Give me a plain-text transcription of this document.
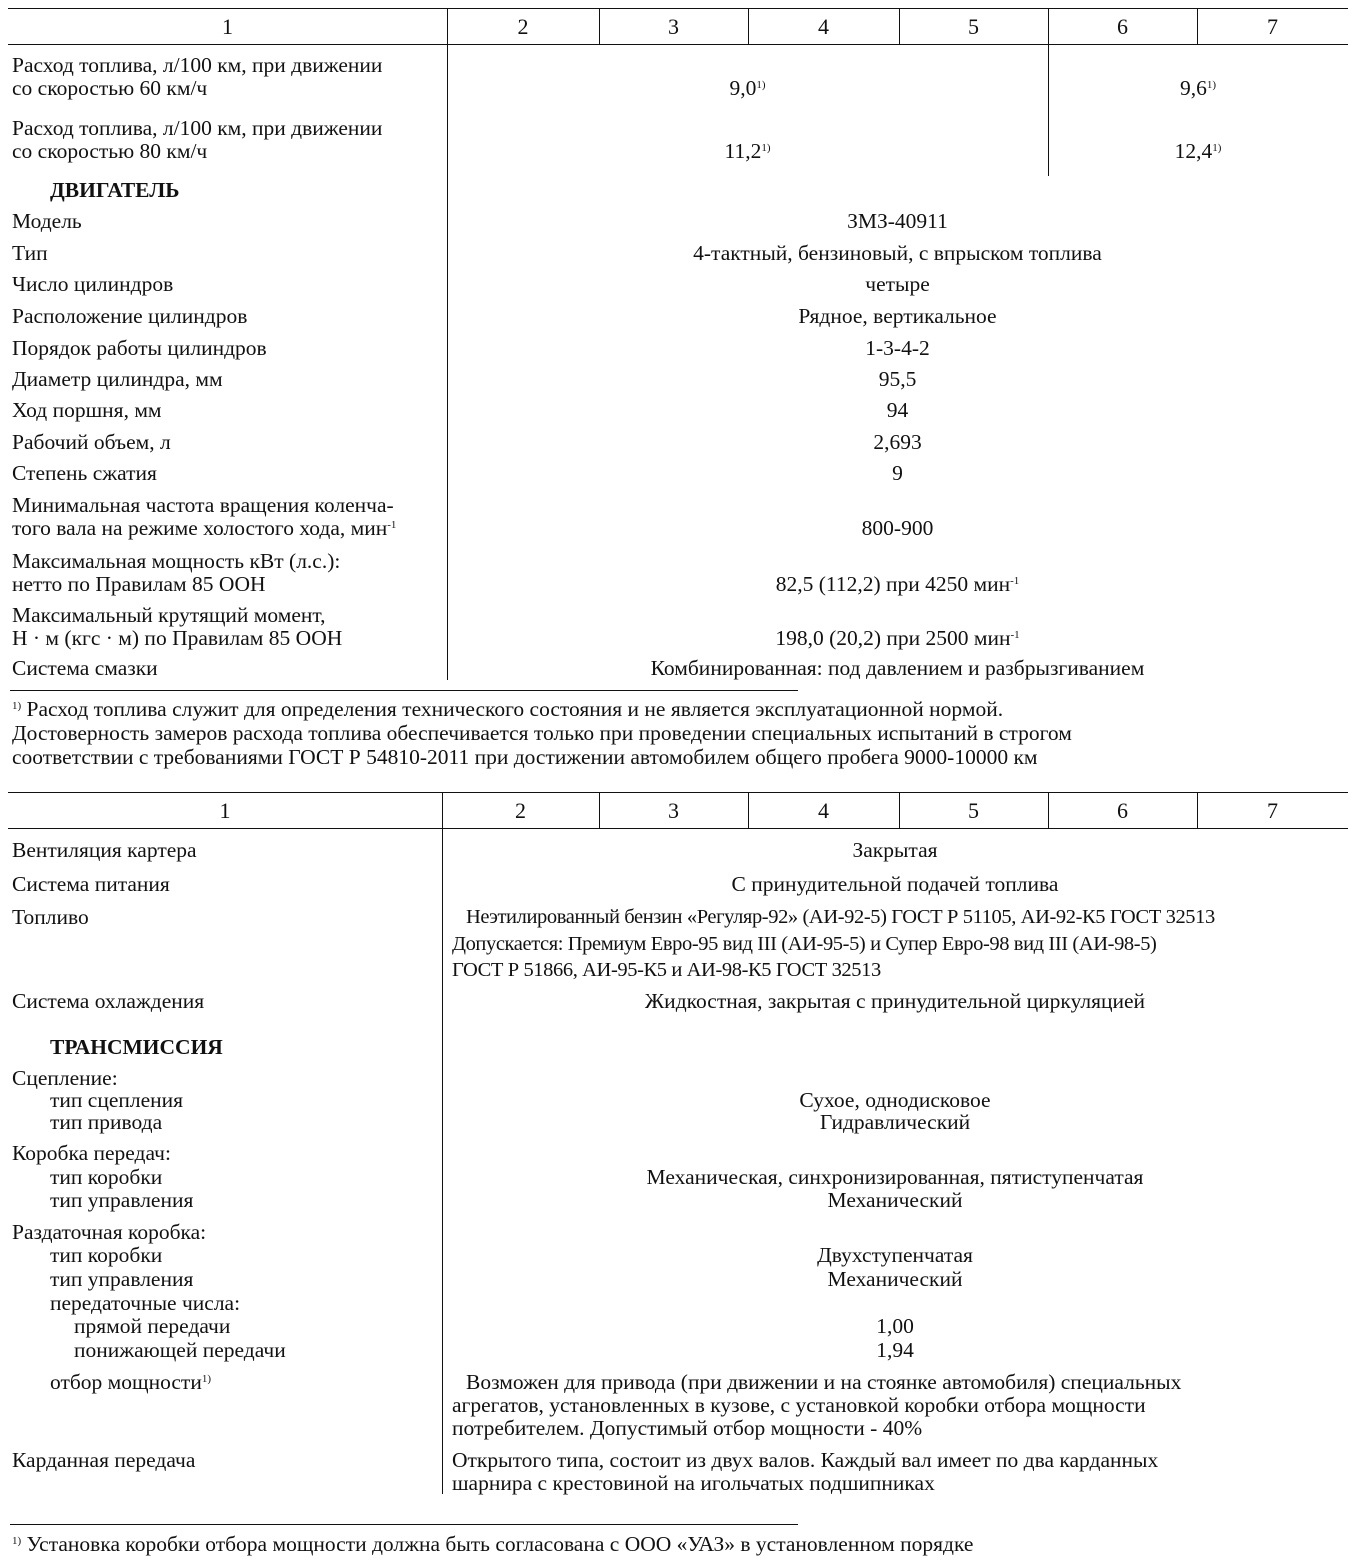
1	2	3	4	5	6	7
Расход топлива, л/100 км, при движении
со скоростью 60 км/ч	9,0$^{1)}$	9,6$^{1)}$
Расход топлива, л/100 км, при движении
со скоростью 80 км/ч	11,2$^{1)}$	12,4$^{1)}$
ДВИГАТЕЛЬ
Модель	ЗМЗ-40911
Тип	4-тактный, бензиновый, с впрыском топлива
Число цилиндров	четыре
Расположение цилиндров	Рядное, вертикальное
Порядок работы цилиндров	1-3-4-2
Диаметр цилиндра, мм	95,5
Ход поршня, мм	94
Рабочий объем, л	2,693
Степень сжатия	9
Минимальная частота вращения коленча-
того вала на режиме холостого хода, мин$^{-1}$	800-900
Максимальная мощность кВт (л.с.):
нетто по Правилам 85 ООН	82,5 (112,2) при 4250 мин$^{-1}$
Максимальный крутящий момент,
Н · м (кгс · м) по Правилам 85 ООН	198,0 (20,2) при 2500 мин$^{-1}$
Система смазки	Комбинированная: под давлением и разбрызгиванием
$^{1)}$ Расход топлива служит для определения технического состояния и не является эксплуатационной нормой.
Достоверность замеров расхода топлива обеспечивается только при проведении специальных испытаний в строгом
соответствии с требованиями ГОСТ Р 54810-2011 при достижении автомобилем общего пробега 9000-10000 км
1	2	3	4	5	6	7
Вентиляция картера	Закрытая
Система питания	С принудительной подачей топлива
Топливо	Неэтилированный бензин «Регуляр-92» (АИ-92-5) ГОСТ Р 51105, АИ-92-К5 ГОСТ 32513
Допускается: Премиум Евро-95 вид III (АИ-95-5) и Супер Евро-98 вид III (АИ-98-5)
ГОСТ Р 51866, АИ-95-К5 и АИ-98-К5 ГОСТ 32513
Система охлаждения	Жидкостная, закрытая с принудительной циркуляцией
ТРАНСМИССИЯ
Сцепление:
тип сцепления	Сухое, однодисковое
тип привода	Гидравлический
Коробка передач:
тип коробки	Механическая, синхронизированная, пятиступенчатая
тип управления	Механический
Раздаточная коробка:
тип коробки	Двухступенчатая
тип управления	Механический
передаточные числа:
прямой передачи	1,00
понижающей передачи	1,94
отбор мощности$^{1)}$	Возможен для привода (при движении и на стоянке автомобиля) специальных
агрегатов, установленных в кузове, с установкой коробки отбора мощности
потребителем. Допустимый отбор мощности - 40%
Карданная передача	Открытого типа, состоит из двух валов. Каждый вал имеет по два карданных
шарнира с крестовиной на игольчатых подшипниках
$^{1)}$ Установка коробки отбора мощности должна быть согласована с ООО «УАЗ» в установленном порядке
